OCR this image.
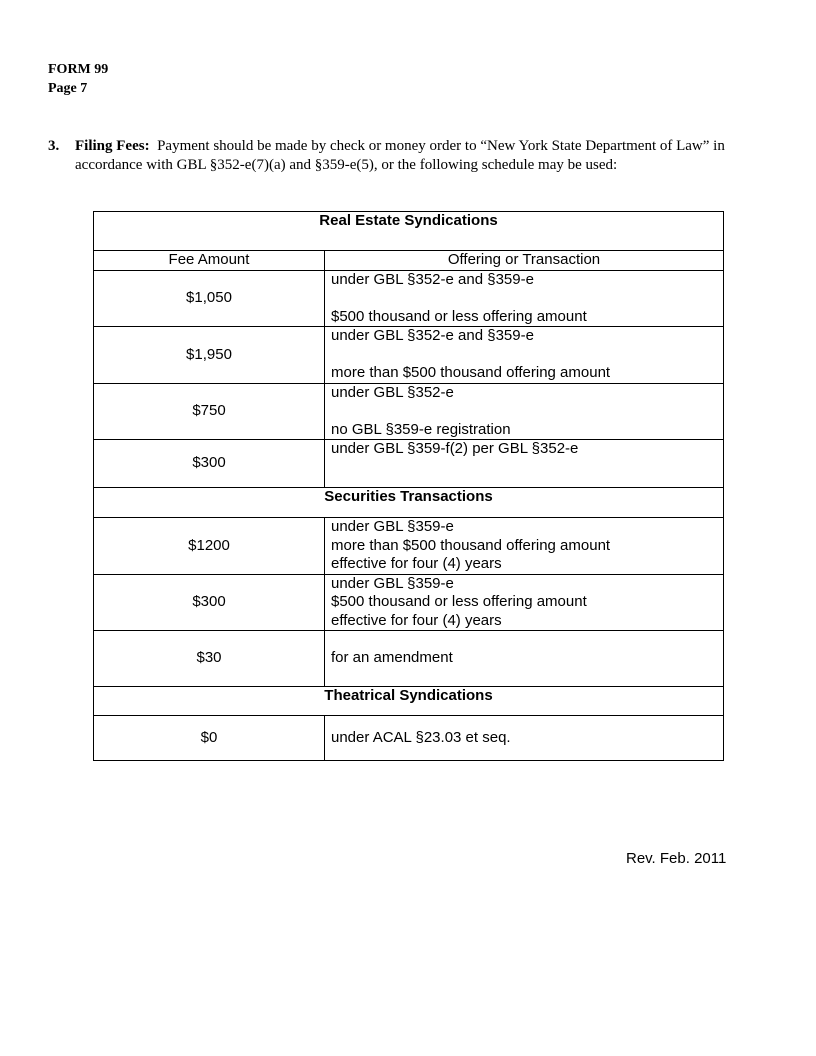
FORM 99
Page 7
3. Filing Fees: Payment should be made by check or money order to “New York State Department of Law” in accordance with GBL §352-e(7)(a) and §359-e(5), or the following schedule may be used:
Real Estate Syndications	
Fee Amount	Offering or Transaction
$1,050	under GBL §352-e and §359-e
$500 thousand or less offering amount

$1,950	under GBL §352-e and §359-e
more than $500 thousand offering amount

$750	under GBL §352-e
no GBL §359-e registration

$300	under GBL §359-f(2) per GBL §352-e

Securities Transactions	
$1200	under GBL §359-e
more than $500 thousand offering amount
effective for four (4) years

$300	under GBL §359-e
$500 thousand or less offering amount
effective for four (4) years

$30	for an amendment

Theatrical Syndications	
$0	under ACAL §23.03 et seq.
Rev. Feb. 2011
